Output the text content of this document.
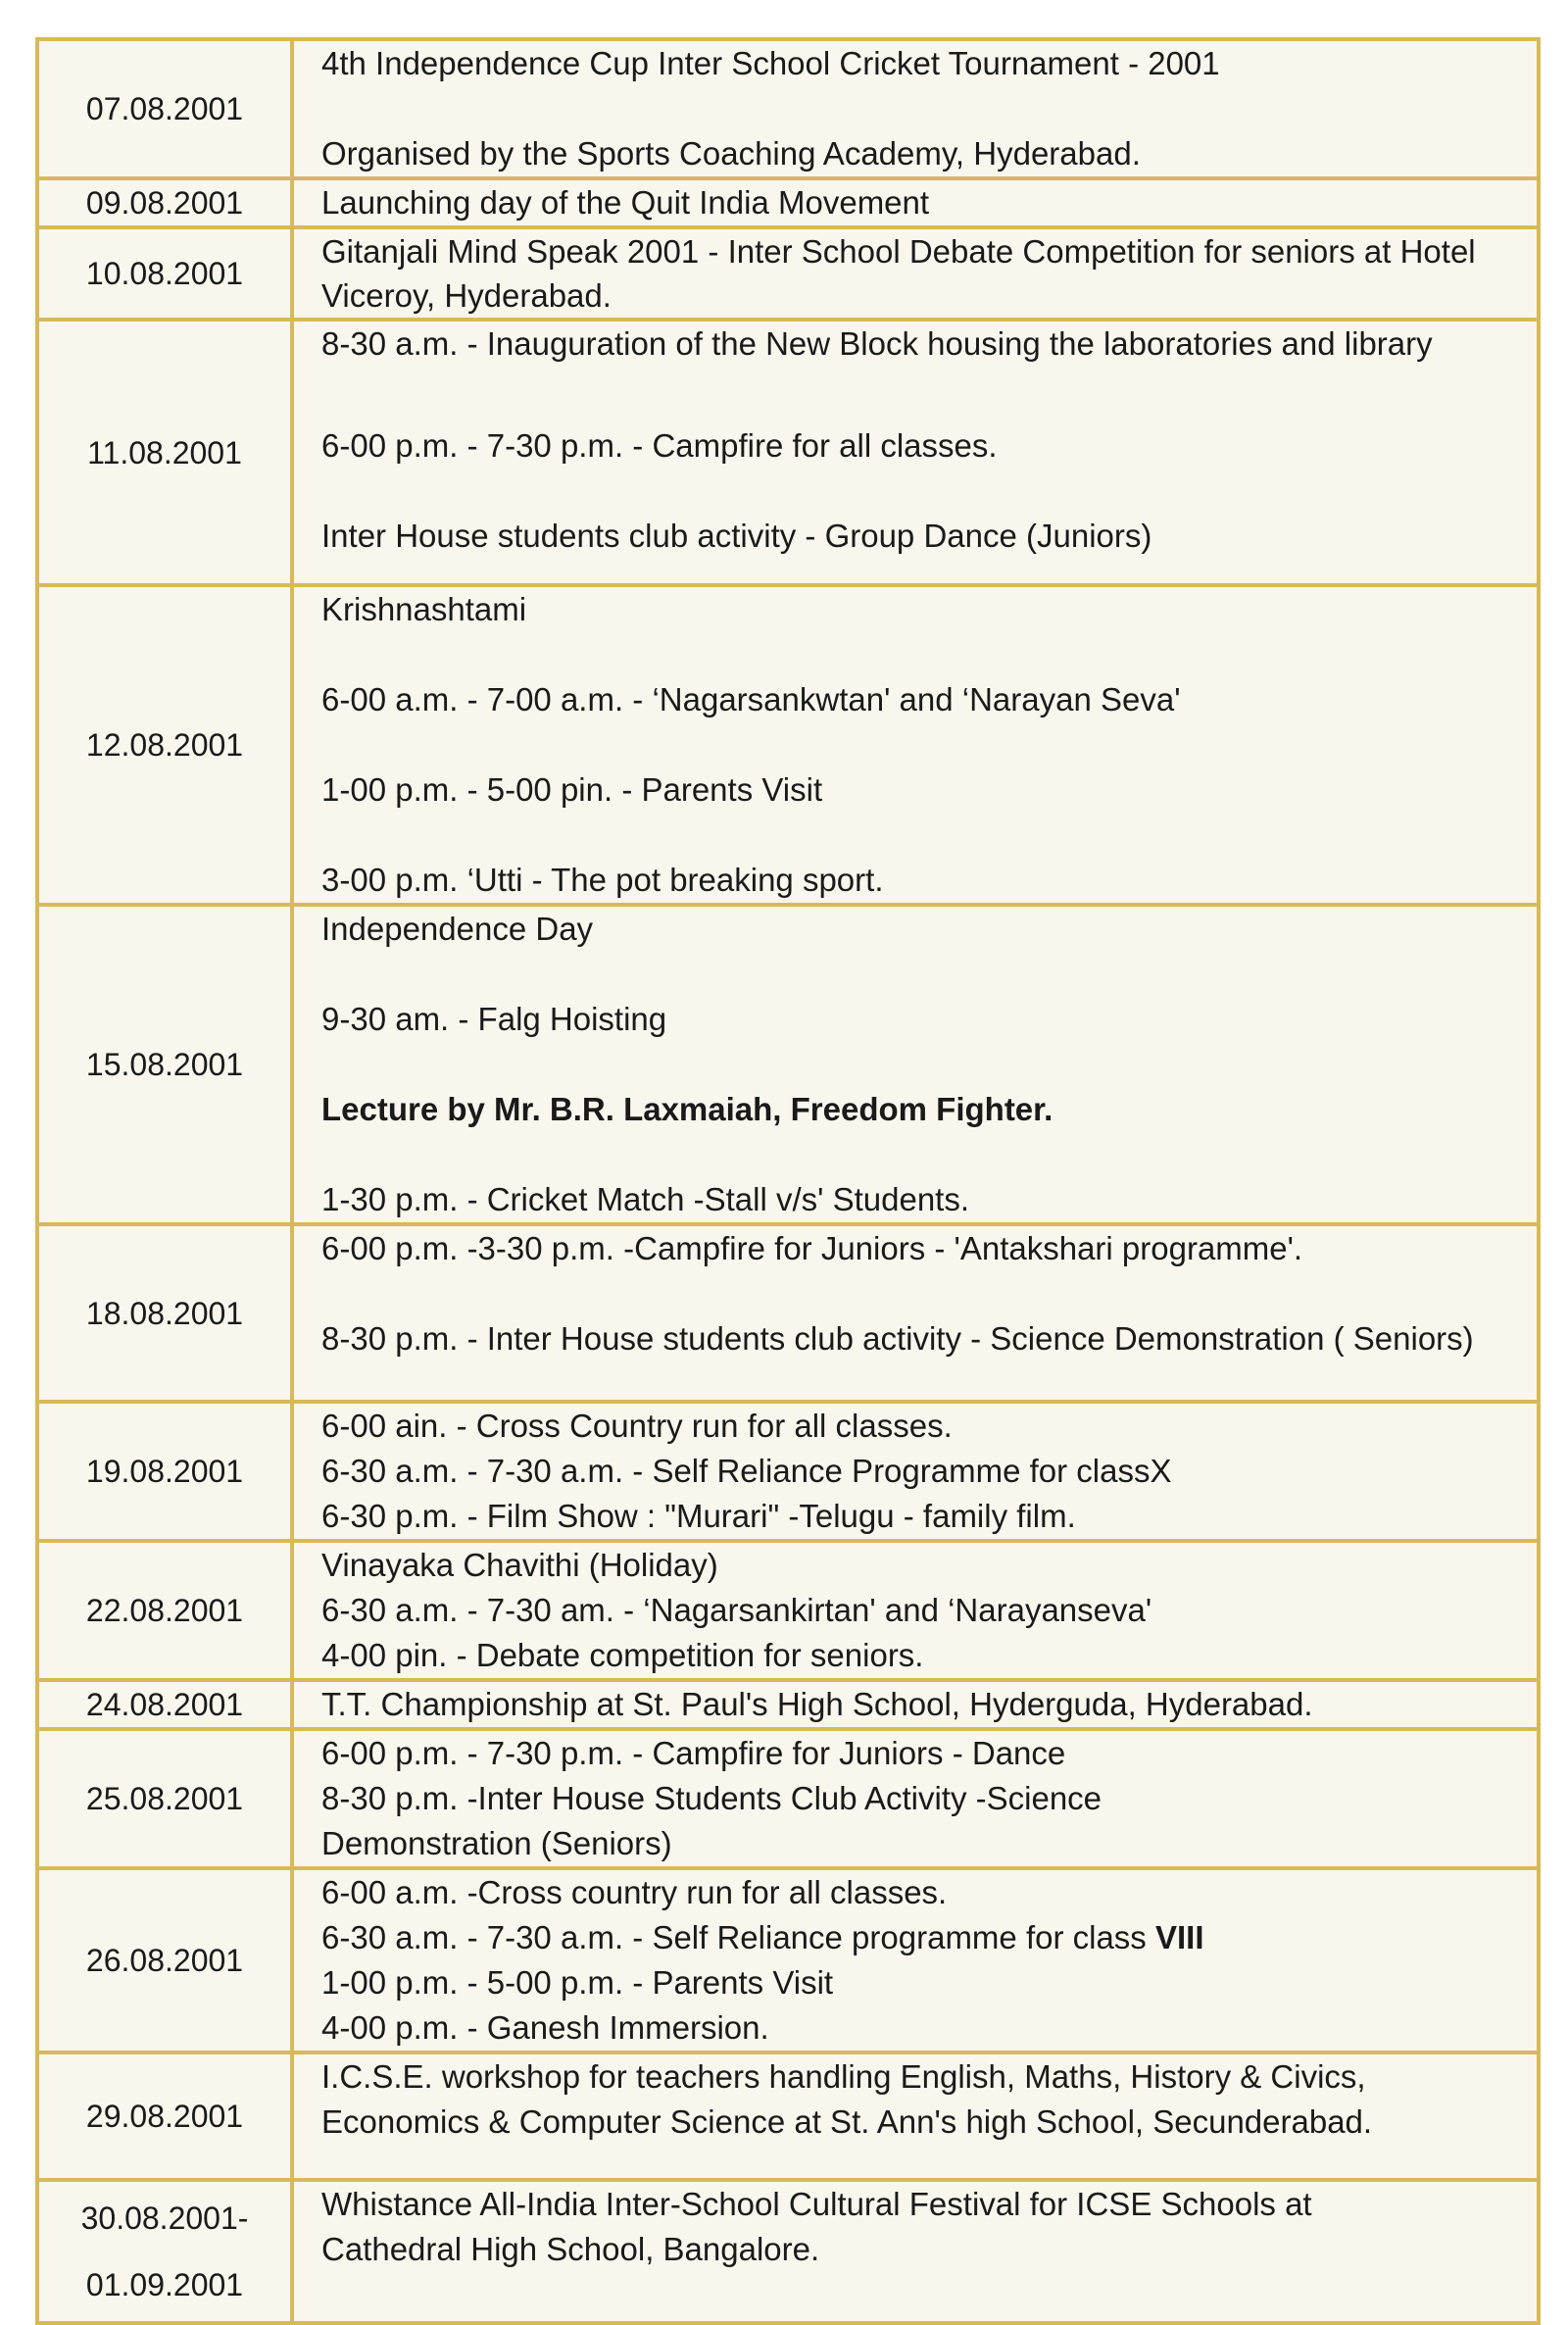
07.08.2001	4th Independence Cup Inter School Cricket Tournament - 2001
Organised by the Sports Coaching Academy, Hyderabad.

09.08.2001	Launching day of the Quit India Movement

10.08.2001	Gitanjali Mind Speak 2001 - Inter School Debate Competition for seniors at Hotel Viceroy, Hyderabad.

11.08.2001	8-30 a.m. - Inauguration of the New Block housing the laboratories and library
6-00 p.m. - 7-30 p.m. - Campfire for all classes.
Inter House students club activity - Group Dance (Juniors)

12.08.2001	Krishnashtami
6-00 a.m. - 7-00 a.m. - ‘Nagarsankwtan' and ‘Narayan Seva'
1-00 p.m. - 5-00 pin. - Parents Visit
3-00 p.m. ‘Utti - The pot breaking sport.

15.08.2001	Independence Day
9-30 am. - Falg Hoisting
Lecture by Mr. B.R. Laxmaiah, Freedom Fighter.
1-30 p.m. - Cricket Match -Stall v/s' Students.

18.08.2001	6-00 p.m. -3-30 p.m. -Campfire for Juniors - 'Antakshari programme'.
8-30 p.m. - Inter House students club activity - Science Demonstration ( Seniors)

19.08.2001	6-00 ain. - Cross Country run for all classes.
6-30 a.m. - 7-30 a.m. - Self Reliance Programme for classX
6-30 p.m. - Film Show : "Murari" -Telugu - family film.

22.08.2001	Vinayaka Chavithi (Holiday)
6-30 a.m. - 7-30 am. - ‘Nagarsankirtan' and ‘Narayanseva'
4-00 pin. - Debate competition for seniors.

24.08.2001	T.T. Championship at St. Paul's High School, Hyderguda, Hyderabad.

25.08.2001	6-00 p.m. - 7-30 p.m. - Campfire for Juniors - Dance
8-30 p.m. -Inter House Students Club Activity -Science
Demonstration (Seniors)

26.08.2001	6-00 a.m. -Cross country run for all classes.
6-30 a.m. - 7-30 a.m. - Self Reliance programme for class VIII
1-00 p.m. - 5-00 p.m. - Parents Visit
4-00 p.m. - Ganesh Immersion.

29.08.2001	I.C.S.E. workshop for teachers handling English, Maths, History & Civics,
Economics & Computer Science at St. Ann's high School, Secunderabad.

30.08.2001-
01.09.2001	Whistance All-India Inter-School Cultural Festival for ICSE Schools at
Cathedral High School, Bangalore.
